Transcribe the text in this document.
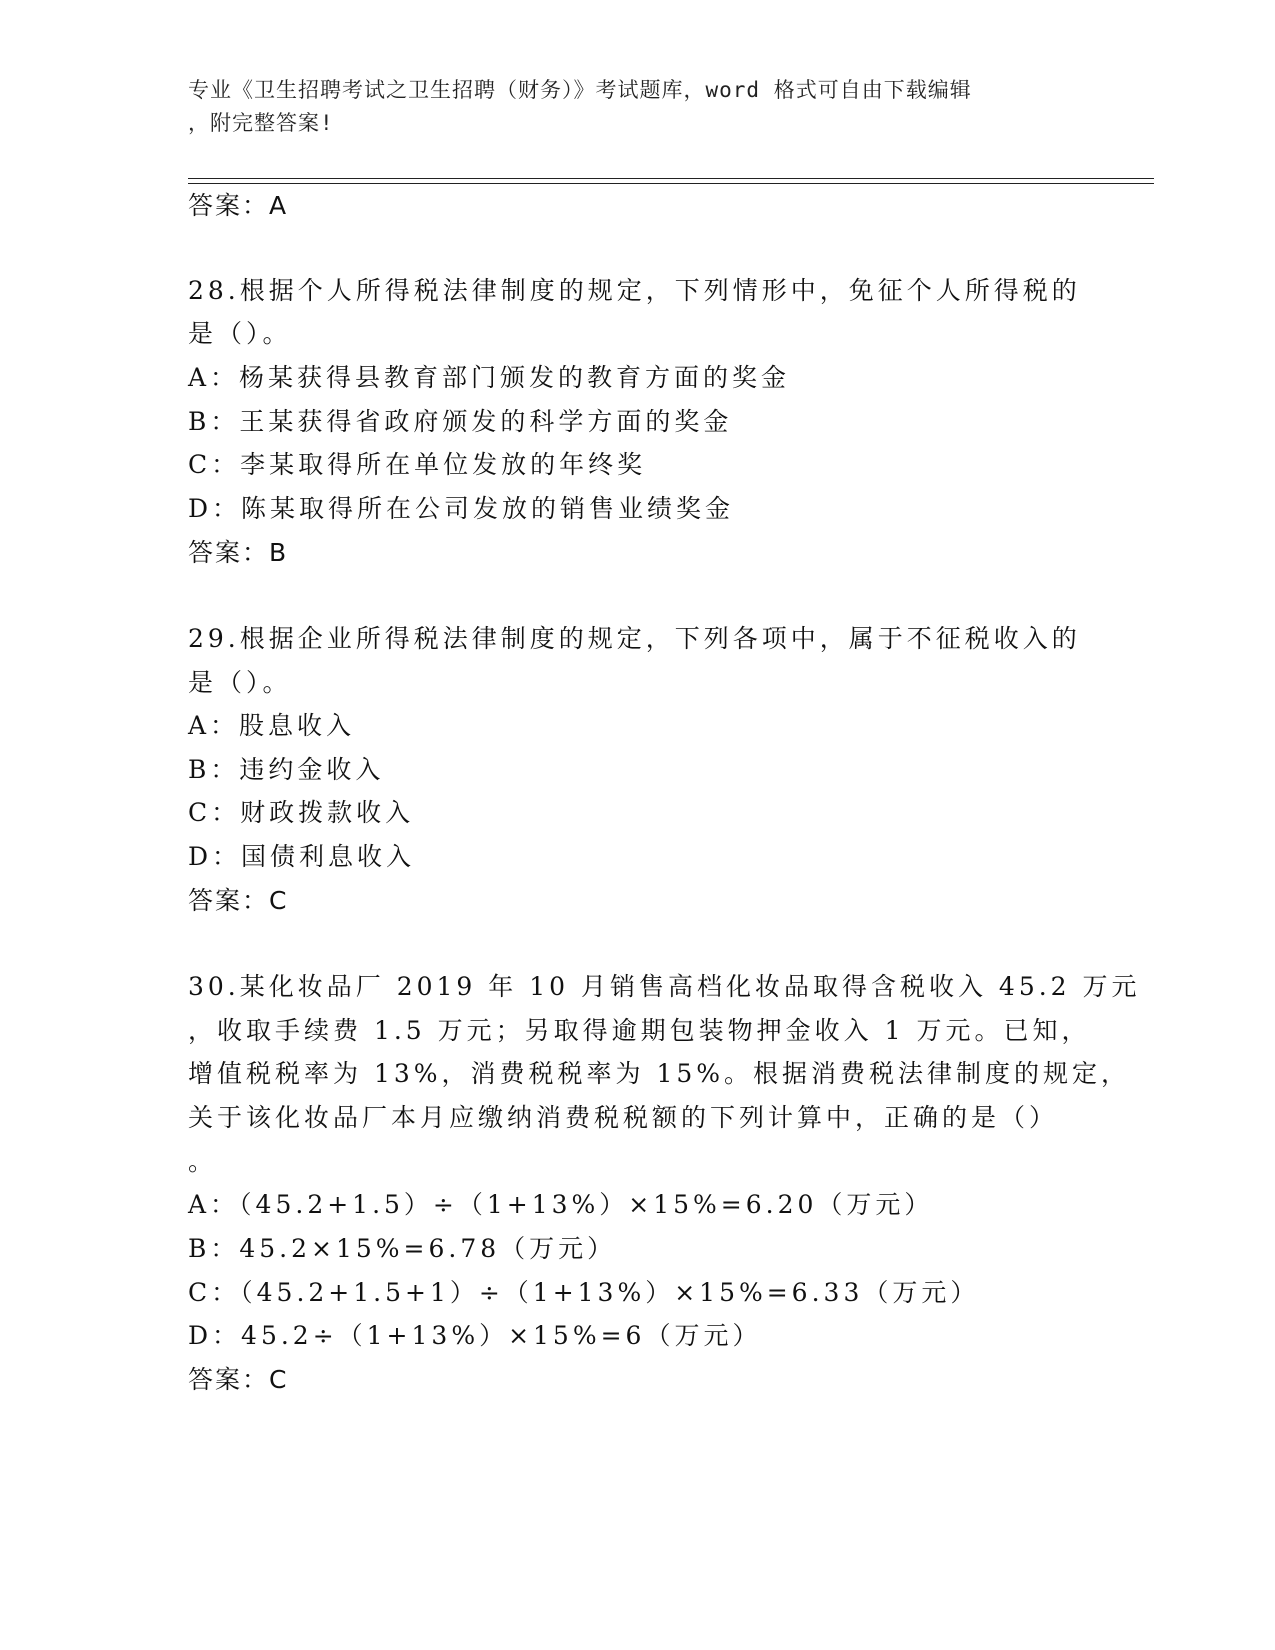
专业《卫生招聘考试之卫生招聘（财务）》考试题库，word 格式可自由下载编辑
，附完整答案!
答案：A
28.根据个人所得税法律制度的规定，下列情形中，免征个人所得税的
是（）。
A：杨某获得县教育部门颁发的教育方面的奖金
B：王某获得省政府颁发的科学方面的奖金
C：李某取得所在单位发放的年终奖
D：陈某取得所在公司发放的销售业绩奖金
答案：B
29.根据企业所得税法律制度的规定，下列各项中，属于不征税收入的
是（）。
A：股息收入
B：违约金收入
C：财政拨款收入
D：国债利息收入
答案：C
30.某化妆品厂 2019 年 10 月销售高档化妆品取得含税收入 45.2 万元
，收取手续费 1.5 万元；另取得逾期包装物押金收入 1 万元。已知，
增值税税率为 13%，消费税税率为 15%。根据消费税法律制度的规定，
关于该化妆品厂本月应缴纳消费税税额的下列计算中，正确的是（）
。
A：（45.2+1.5）÷（1+13%）×15%=6.20（万元）
B：45.2×15%=6.78（万元）
C：（45.2+1.5+1）÷（1+13%）×15%=6.33（万元）
D：45.2÷（1+13%）×15%=6（万元）
答案：C
